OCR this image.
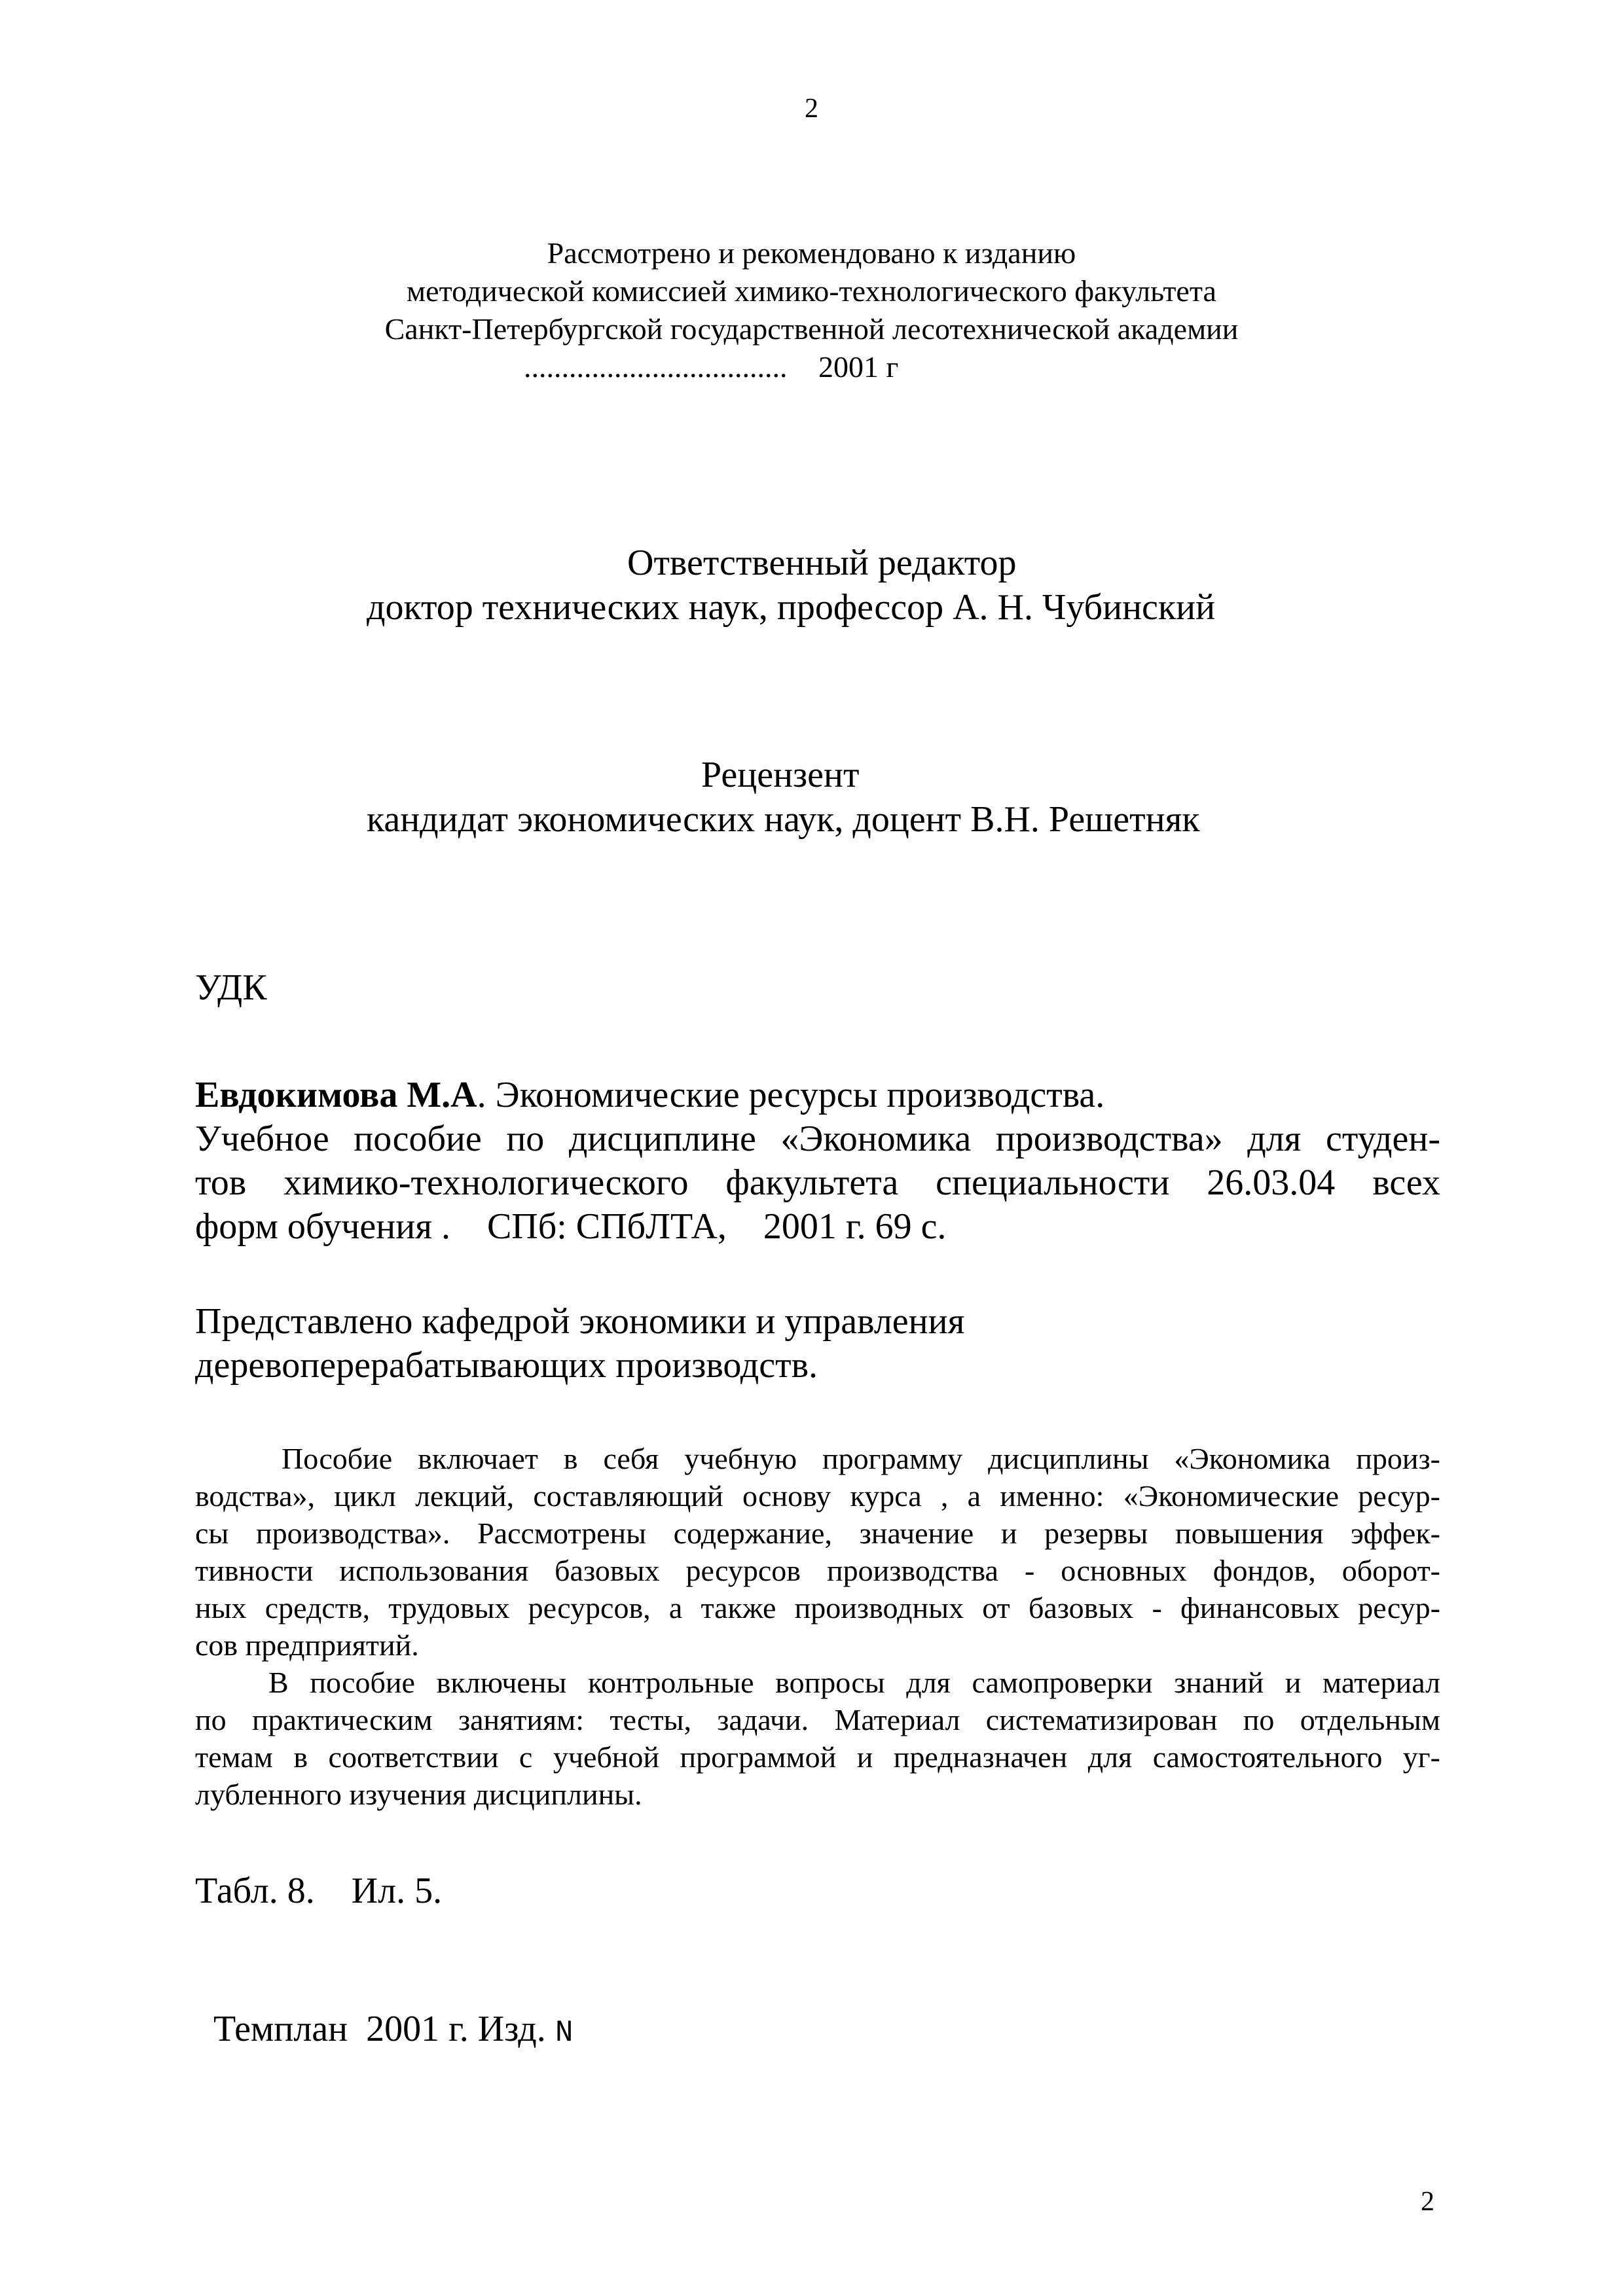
2
Рассмотрено и рекомендовано к изданию
методической комиссией химико-технологического факультета
Санкт-Петербургской государственной лесотехнической академии
................................... 2001 г
Ответственный редактор
доктор технических наук, профессор А. Н. Чубинский
Рецензент
кандидат экономических наук, доцент В.Н. Решетняк
УДК
Евдокимова М.А. Экономические ресурсы производства.
Учебное пособие по дисциплине «Экономика производства» для студен-
тов химико-технологического факультета специальности 26.03.04 всех
форм обучения .    СПб: СПбЛТА,    2001 г. 69 с.
Представлено кафедрой экономики и управления
деревоперерабатывающих производств.
Пособие включает в себя учебную программу дисциплины «Экономика произ-
водства», цикл лекций, составляющий основу курса , а именно: «Экономические ресур-
сы производства». Рассмотрены содержание, значение и резервы повышения эффек-
тивности использования базовых ресурсов производства - основных фондов, оборот-
ных средств, трудовых ресурсов, а также производных от базовых - финансовых ресур-
сов предприятий.
В пособие включены контрольные вопросы для самопроверки знаний и материал
по практическим занятиям: тесты, задачи. Материал систематизирован по отдельным
темам в соответствии с учебной программой и предназначен для самостоятельного уг-
лубленного изучения дисциплины.
Табл. 8.    Ил. 5.

Темплан  2001 г. Изд. N

2
